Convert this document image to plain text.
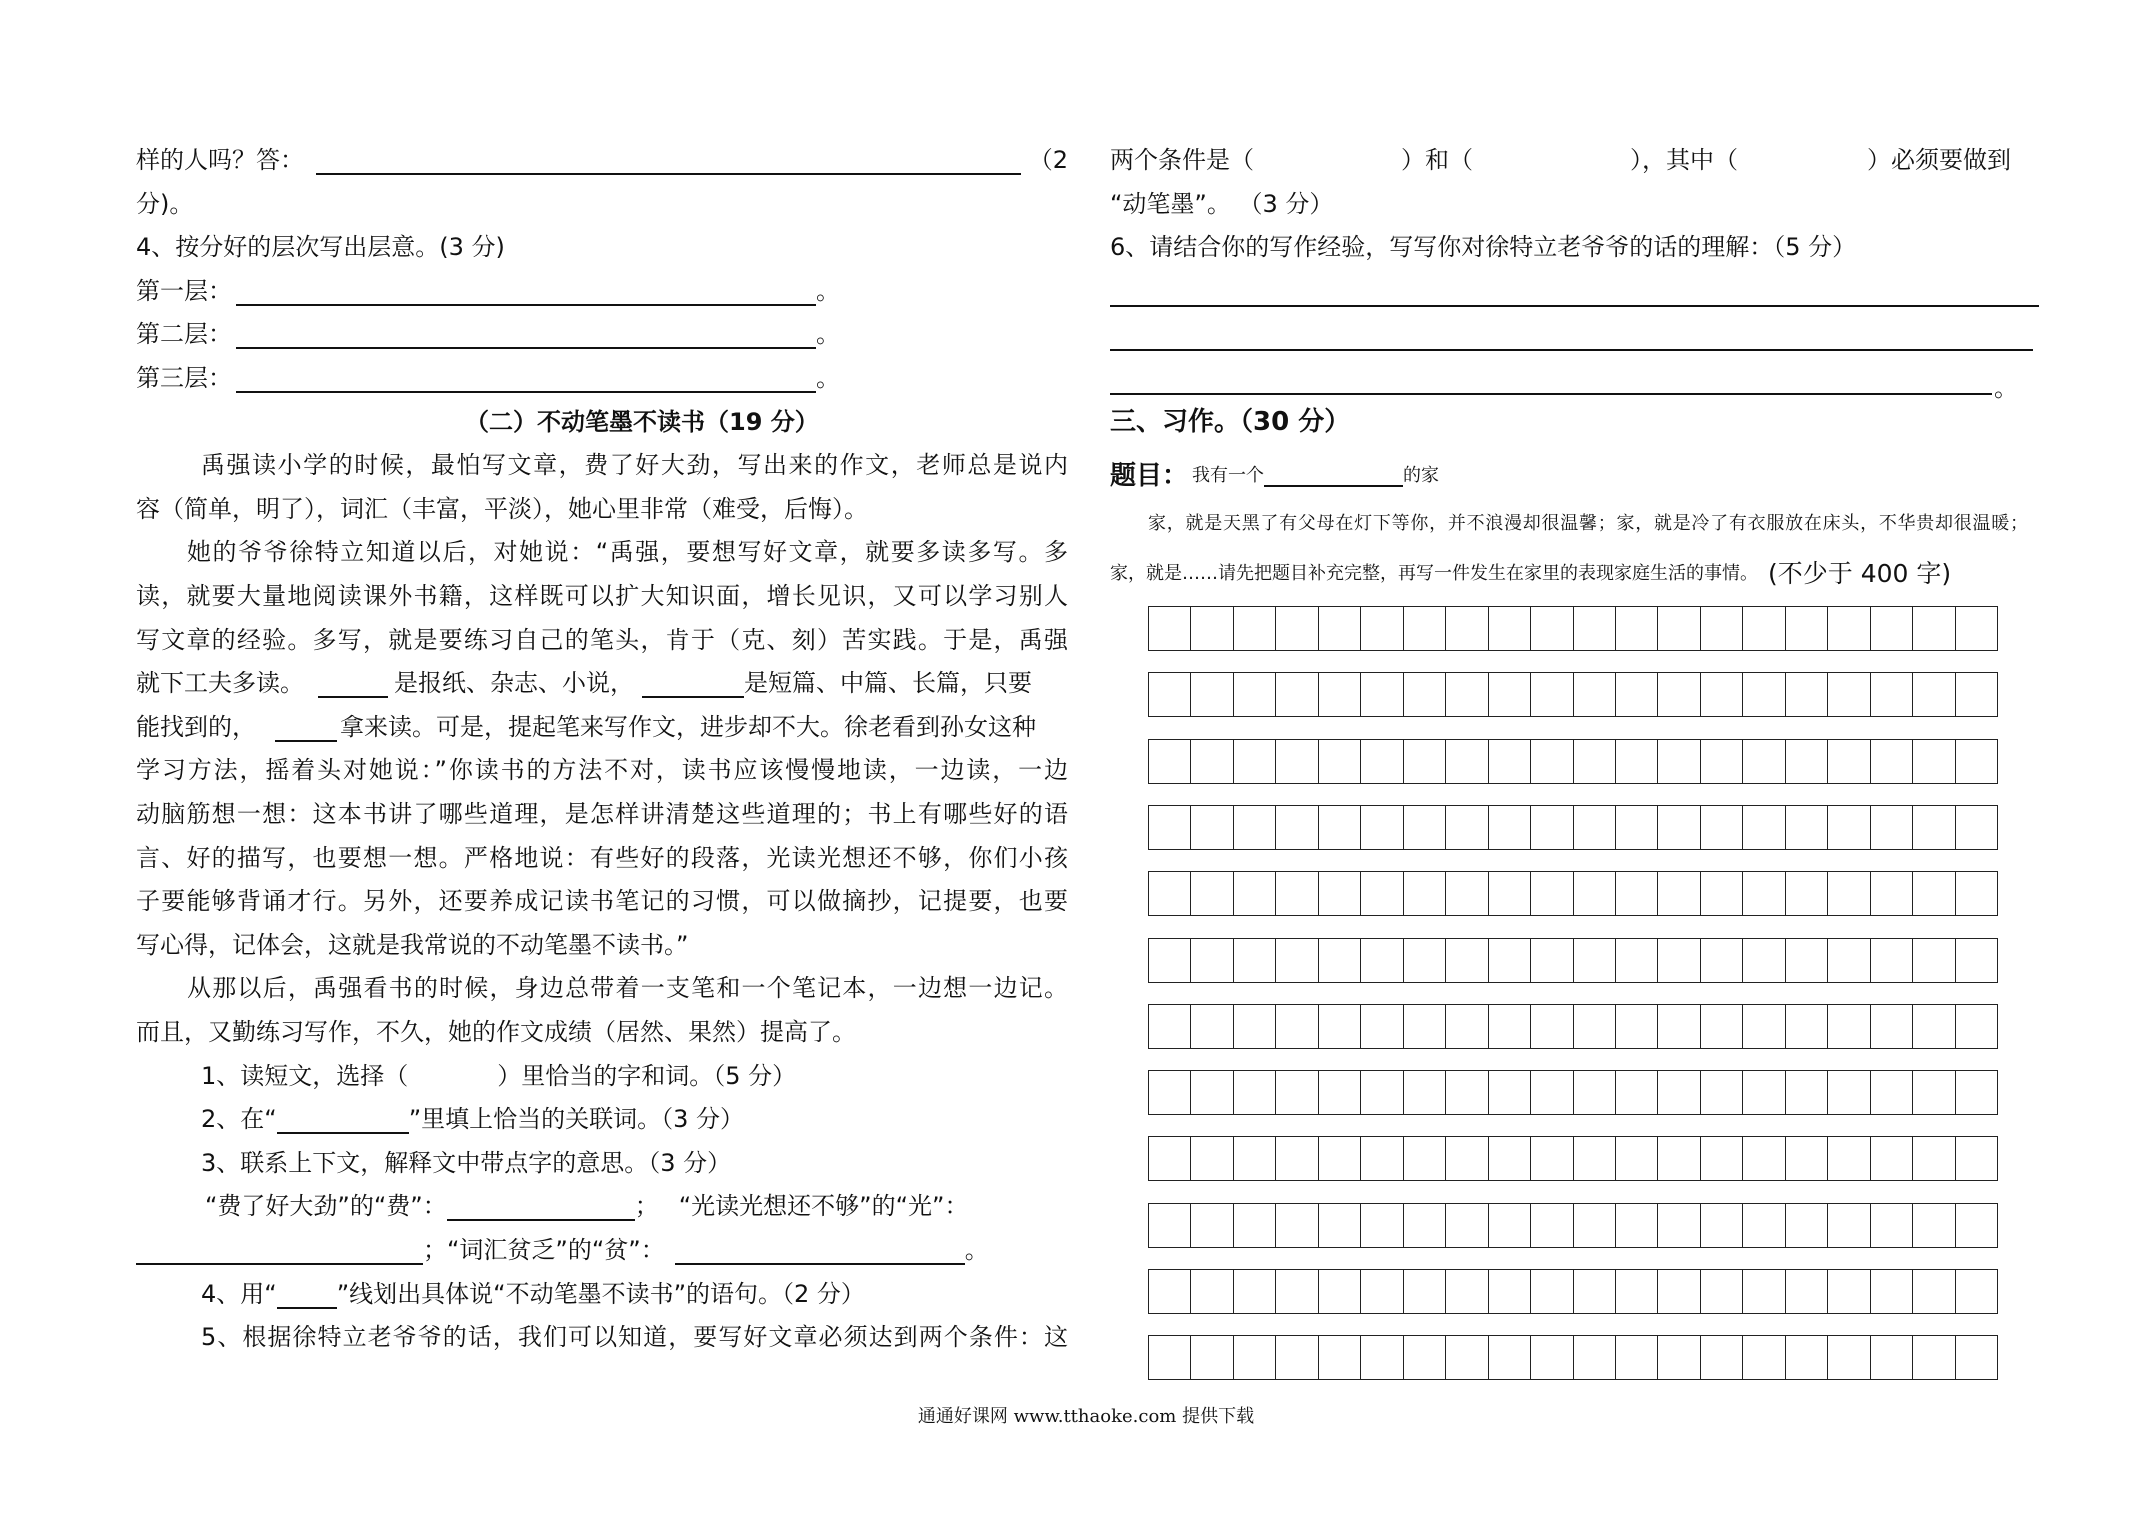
样的人吗？答：	（2
分)。
4、按分好的层次写出层意。(3 分)
第一层：	。
第二层：	。
第三层：	。
（二）不动笔墨不读书（19 分）
禹强读小学的时候，最怕写文章，费了好大劲，写出来的作文，老师总是说内
容（简单，明了），词汇（丰富，平淡），她心里非常（难受，后悔）。
她的爷爷徐特立知道以后，对她说：“禹强，要想写好文章，就要多读多写。多
读，就要大量地阅读课外书籍，这样既可以扩大知识面，增长见识，又可以学习别人
写文章的经验。多写，就是要练习自己的笔头，肯于（克、刻）苦实践。于是，禹强
就下工夫多读。	是报纸、杂志、小说，	是短篇、中篇、长篇，只要
能找到的，	拿来读。可是，提起笔来写作文，进步却不大。徐老看到孙女这种
学习方法，摇着头对她说：”你读书的方法不对，读书应该慢慢地读，一边读，一边
动脑筋想一想：这本书讲了哪些道理，是怎样讲清楚这些道理的；书上有哪些好的语
言、好的描写，也要想一想。严格地说：有些好的段落，光读光想还不够，你们小孩
子要能够背诵才行。另外，还要养成记读书笔记的习惯，可以做摘抄，记提要，也要
写心得，记体会，这就是我常说的不动笔墨不读书。”
从那以后，禹强看书的时候，身边总带着一支笔和一个笔记本，一边想一边记。
而且，又勤练习写作，不久，她的作文成绩（居然、果然）提高了。
1、读短文，选择（	）里恰当的字和词。（5 分）
2、在“	”里填上恰当的关联词。（3 分）
3、联系上下文，解释文中带点字的意思。（3 分）
“费了好大劲”的“费”：	； “光读光想还不够”的“光”：
； “词汇贫乏”的“贫”：	。
4、用“	”线划出具体说“不动笔墨不读书”的语句。（2 分）
5、根据徐特立老爷爷的话，我们可以知道，要写好文章必须达到两个条件：这
两个条件是（	）和（	），其中（	）必须要做到
“动笔墨”。 （3 分）
6、请结合你的写作经验，写写你对徐特立老爷爷的话的理解：（5 分）
。
三、习作。（30 分）
题目： 我有一个	的家
家，就是天黑了有父母在灯下等你，并不浪漫却很温馨；家，就是冷了有衣服放在床头，不华贵却很温暖；
家，就是……请先把题目补充完整，再写一件发生在家里的表现家庭生活的事情。 (不少于 400 字)
通通好课网 www.tthaoke.com 提供下载
